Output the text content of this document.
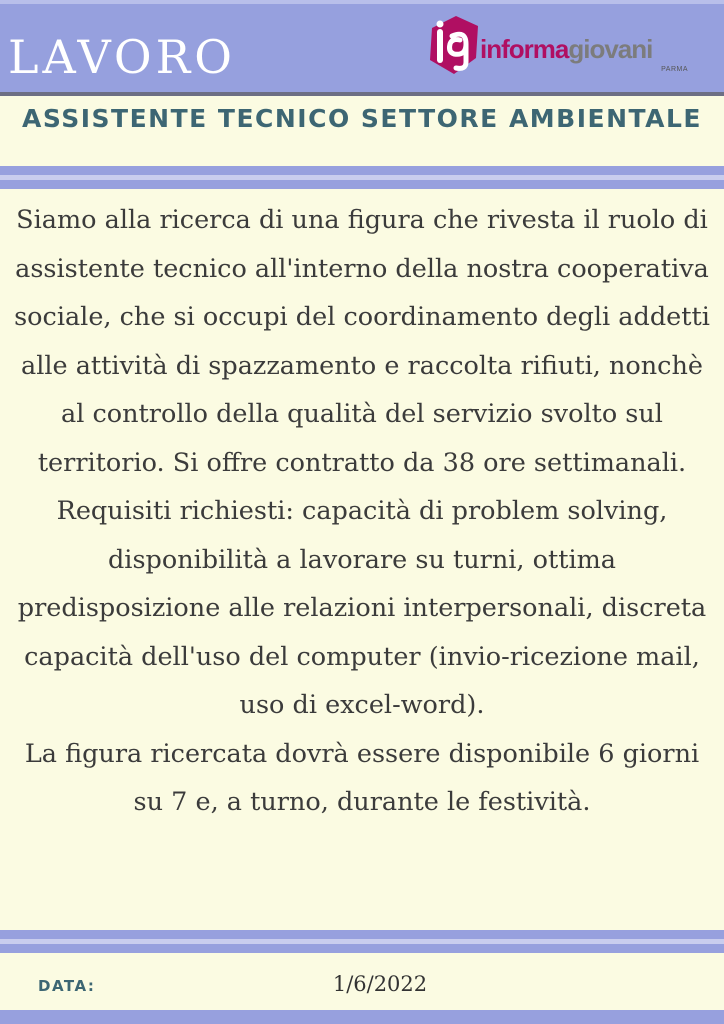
LAVORO	informagiovani
PARMA
ASSISTENTE TECNICO SETTORE AMBIENTALE

Siamo alla ricerca di una figura che rivesta il ruolo di assistente tecnico all'interno della nostra cooperativa sociale, che si occupi del coordinamento degli addetti alle attività di spazzamento e raccolta rifiuti, nonchè al controllo della qualità del servizio svolto sul territorio. Si offre contratto da 38 ore settimanali.

Requisiti richiesti: capacità di problem solving, disponibilità a lavorare su turni, ottima predisposizione alle relazioni interpersonali, discreta capacità dell'uso del computer (invio-ricezione mail, uso di excel-word).

La figura ricercata dovrà essere disponibile 6 giorni su 7 e, a turno, durante le festività.

DATA:	1/6/2022
